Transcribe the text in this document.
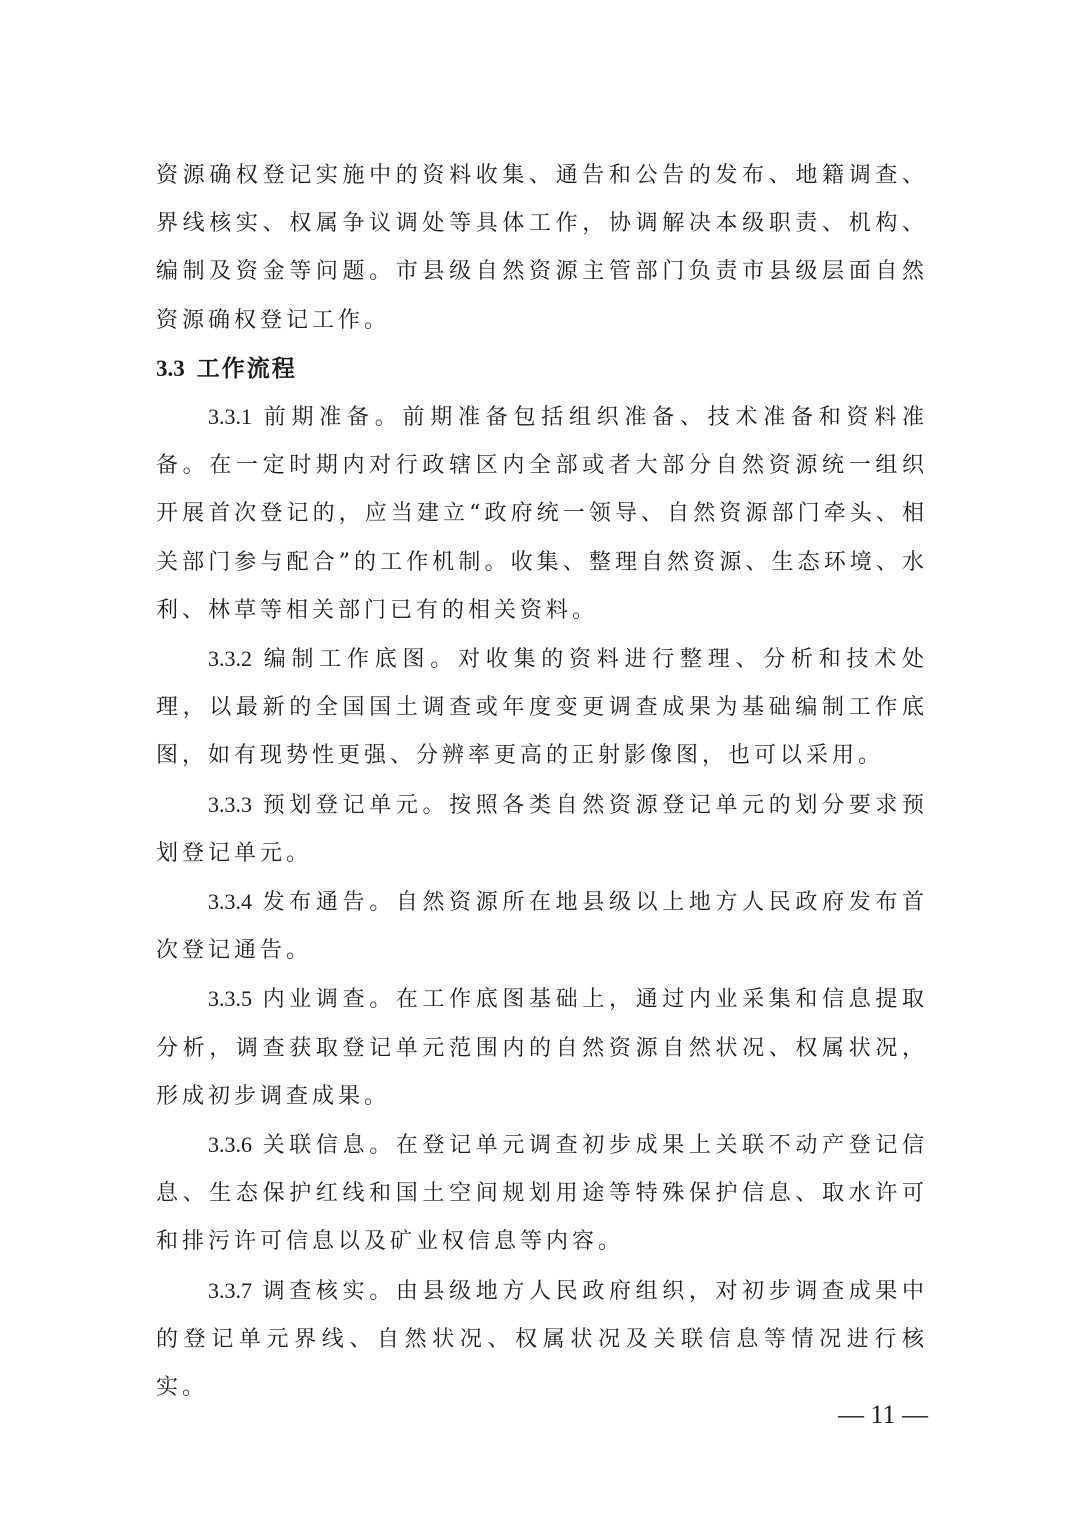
资源确权登记实施中的资料收集、通告和公告的发布、地籍调查、界线核实、权属争议调处等具体工作，协调解决本级职责、机构、编制及资金等问题。市县级自然资源主管部门负责市县级层面自然资源确权登记工作。

3.3 工作流程

3.3.1 前期准备。前期准备包括组织准备、技术准备和资料准备。在一定时期内对行政辖区内全部或者大部分自然资源统一组织开展首次登记的，应当建立“政府统一领导、自然资源部门牵头、相关部门参与配合”的工作机制。收集、整理自然资源、生态环境、水利、林草等相关部门已有的相关资料。

3.3.2 编制工作底图。对收集的资料进行整理、分析和技术处理，以最新的全国国土调查或年度变更调查成果为基础编制工作底图，如有现势性更强、分辨率更高的正射影像图，也可以采用。

3.3.3 预划登记单元。按照各类自然资源登记单元的划分要求预划登记单元。

3.3.4 发布通告。自然资源所在地县级以上地方人民政府发布首次登记通告。

3.3.5 内业调查。在工作底图基础上，通过内业采集和信息提取分析，调查获取登记单元范围内的自然资源自然状况、权属状况，形成初步调查成果。

3.3.6 关联信息。在登记单元调查初步成果上关联不动产登记信息、生态保护红线和国土空间规划用途等特殊保护信息、取水许可和排污许可信息以及矿业权信息等内容。

3.3.7 调查核实。由县级地方人民政府组织，对初步调查成果中的登记单元界线、自然状况、权属状况及关联信息等情况进行核实。

— 11 —
